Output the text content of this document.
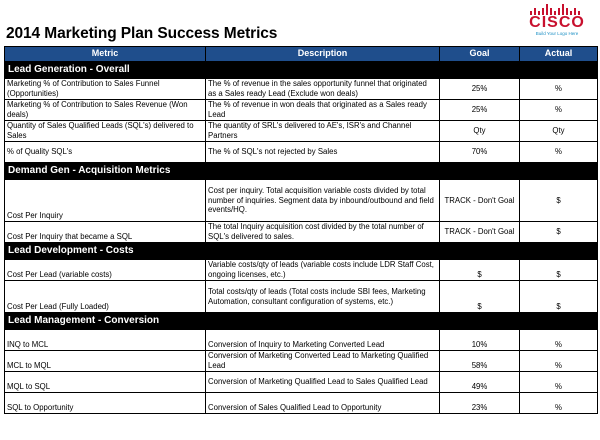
2014 Marketing Plan Success Metrics
CISCO
Build Your Logo Here
Metric	Description	Goal	Actual
Lead Generation - Overall			
Marketing % of Contribution to Sales Funnel (Opportunities)	The % of revenue in the sales opportunity funnel that originated as a Sales ready Lead (Exclude won deals)	25%	%
Marketing % of Contribution to Sales Revenue (Won deals)	The % of revenue in won deals that originated as a Sales ready Lead	25%	%
Quantity of Sales Qualified Leads (SQL's) delivered to Sales	The quantity of SRL's delivered to AE's, ISR's and Channel Partners	Qty	Qty
% of Quality SQL's	The % of SQL's not rejected by Sales	70%	%
Demand Gen - Acquisition Metrics			
Cost Per Inquiry	Cost per inquiry. Total acquisition variable costs divided by total number of inquiries. Segment data by inbound/outbound and field events/HQ.	TRACK - Don't Goal	$
Cost Per Inquiry that became a SQL	The total Inquiry acquisition cost divided by the total number of SQL's delivered to sales.	TRACK - Don't Goal	$
Lead Development - Costs			
Cost Per Lead (variable costs)	Variable costs/qty of leads (variable costs include LDR Staff Cost, ongoing licenses, etc.)	$	$
Cost Per Lead (Fully Loaded)	Total costs/qty of leads (Total costs include SBI fees, Marketing Automation, consultant configuration of systems, etc.)	$	$
Lead Management - Conversion			
INQ to MCL	Conversion of Inquiry to Marketing Converted Lead	10%	%
MCL to MQL	Conversion of Marketing Converted Lead to Marketing Qualified Lead	58%	%
MQL to SQL	Conversion of Marketing Qualified Lead to Sales Qualified Lead	49%	%
SQL to Opportunity	Conversion of Sales Qualified Lead to Opportunity	23%	%
